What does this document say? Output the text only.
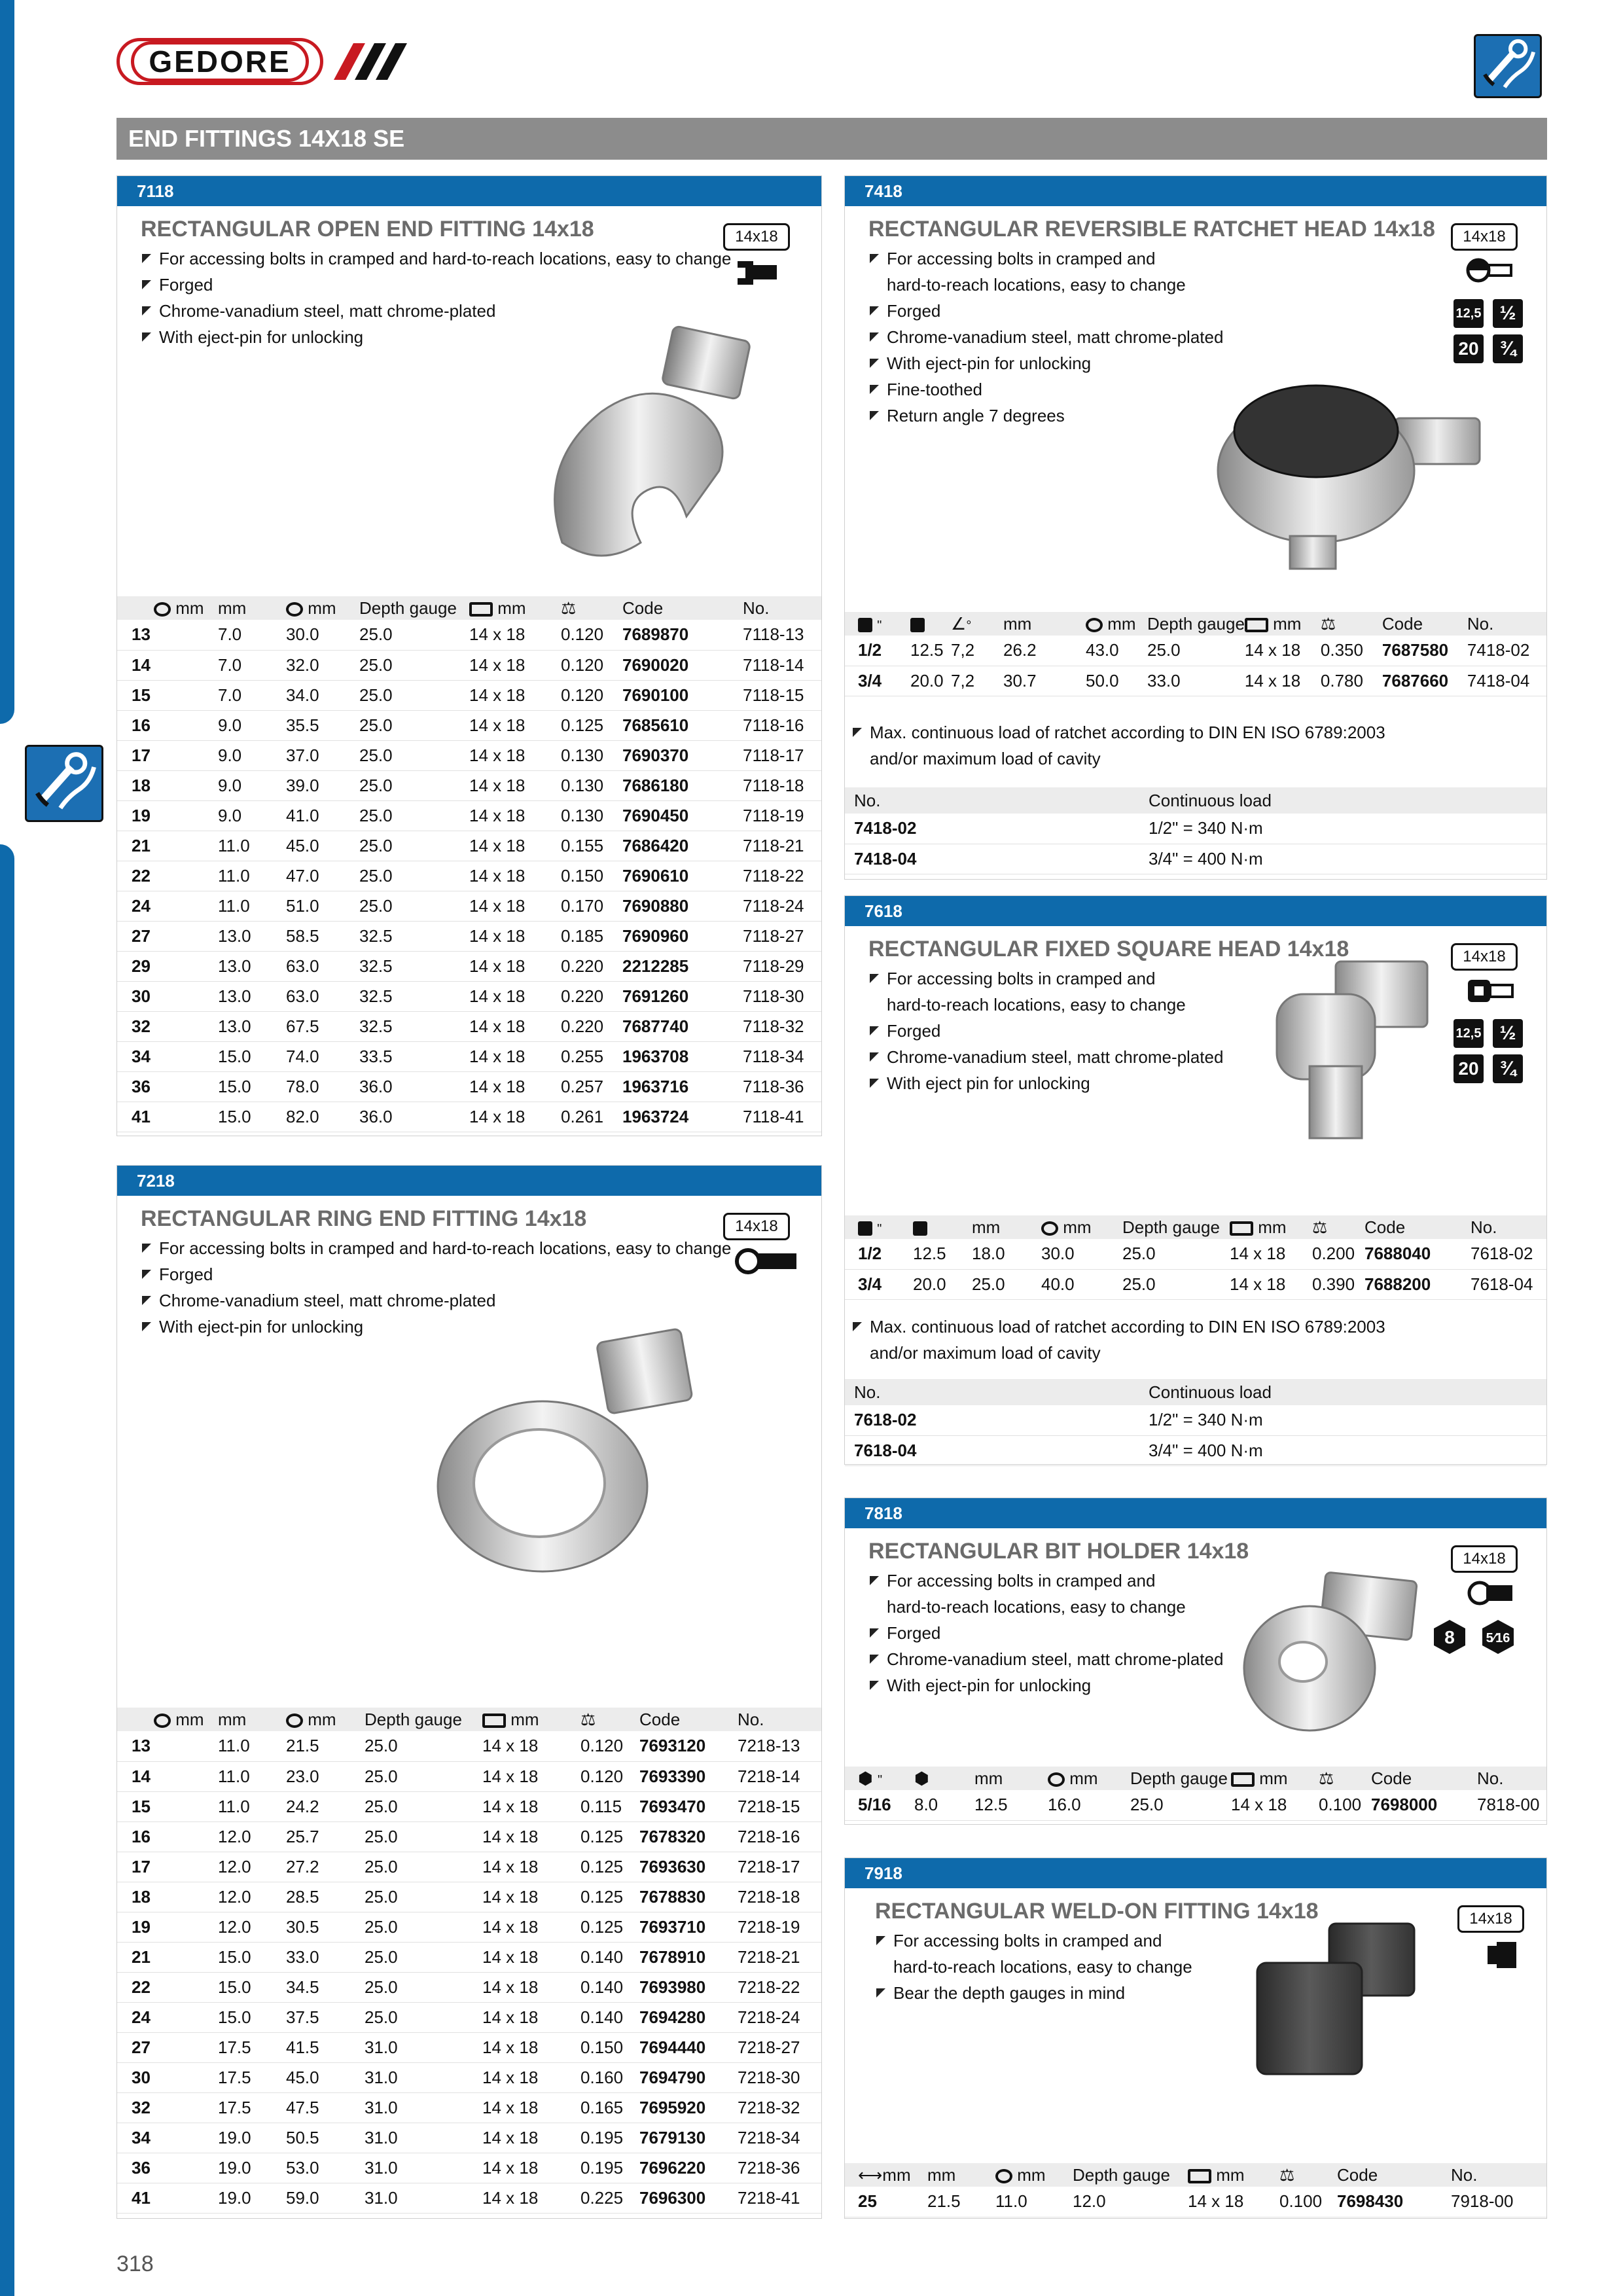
GEDORE
END FITTINGS 14X18 SE
7118
RECTANGULAR OPEN END FITTING 14x18
For accessing bolts in cramped and hard-to-reach locations, easy to change
Forged
Chrome-vanadium steel, matt chrome-plated
With eject-pin for unlocking
14x18
mm	mm	mm	Depth gauge	mm	⚖	Code	No.
13	7.0	30.0	25.0	14 x 18	0.120	7689870	7118-13
14	7.0	32.0	25.0	14 x 18	0.120	7690020	7118-14
15	7.0	34.0	25.0	14 x 18	0.120	7690100	7118-15
16	9.0	35.5	25.0	14 x 18	0.125	7685610	7118-16
17	9.0	37.0	25.0	14 x 18	0.130	7690370	7118-17
18	9.0	39.0	25.0	14 x 18	0.130	7686180	7118-18
19	9.0	41.0	25.0	14 x 18	0.130	7690450	7118-19
21	11.0	45.0	25.0	14 x 18	0.155	7686420	7118-21
22	11.0	47.0	25.0	14 x 18	0.150	7690610	7118-22
24	11.0	51.0	25.0	14 x 18	0.170	7690880	7118-24
27	13.0	58.5	32.5	14 x 18	0.185	7690960	7118-27
29	13.0	63.0	32.5	14 x 18	0.220	2212285	7118-29
30	13.0	63.0	32.5	14 x 18	0.220	7691260	7118-30
32	13.0	67.5	32.5	14 x 18	0.220	7687740	7118-32
34	15.0	74.0	33.5	14 x 18	0.255	1963708	7118-34
36	15.0	78.0	36.0	14 x 18	0.257	1963716	7118-36
41	15.0	82.0	36.0	14 x 18	0.261	1963724	7118-41
7218
RECTANGULAR RING END FITTING 14x18
For accessing bolts in cramped and hard-to-reach locations, easy to change
Forged
Chrome-vanadium steel, matt chrome-plated
With eject-pin for unlocking
14x18
mm	mm	mm	Depth gauge	mm	⚖	Code	No.
13	11.0	21.5	25.0	14 x 18	0.120	7693120	7218-13
14	11.0	23.0	25.0	14 x 18	0.120	7693390	7218-14
15	11.0	24.2	25.0	14 x 18	0.115	7693470	7218-15
16	12.0	25.7	25.0	14 x 18	0.125	7678320	7218-16
17	12.0	27.2	25.0	14 x 18	0.125	7693630	7218-17
18	12.0	28.5	25.0	14 x 18	0.125	7678830	7218-18
19	12.0	30.5	25.0	14 x 18	0.125	7693710	7218-19
21	15.0	33.0	25.0	14 x 18	0.140	7678910	7218-21
22	15.0	34.5	25.0	14 x 18	0.140	7693980	7218-22
24	15.0	37.5	25.0	14 x 18	0.140	7694280	7218-24
27	17.5	41.5	31.0	14 x 18	0.150	7694440	7218-27
30	17.5	45.0	31.0	14 x 18	0.160	7694790	7218-30
32	17.5	47.5	31.0	14 x 18	0.165	7695920	7218-32
34	19.0	50.5	31.0	14 x 18	0.195	7679130	7218-34
36	19.0	53.0	31.0	14 x 18	0.195	7696220	7218-36
41	19.0	59.0	31.0	14 x 18	0.225	7696300	7218-41
7418
RECTANGULAR REVERSIBLE RATCHET HEAD 14x18
For accessing bolts in cramped and
hard-to-reach locations, easy to change
Forged
Chrome-vanadium steel, matt chrome-plated
With eject-pin for unlocking
Fine-toothed
Return angle 7 degrees
14x18
12,5 ½
20	¾
"		∠°	mm	mm	Depth gauge	mm	⚖	Code	No.
1/2	12.5	7,2	26.2	43.0	25.0	14 x 18	0.350	7687580	7418-02
3/4	20.0	7,2	30.7	50.0	33.0	14 x 18	0.780	7687660	7418-04
Max. continuous load of ratchet according to DIN EN ISO 6789:2003
and/or maximum load of cavity
No.	Continuous load
7418-02	1/2" = 340 N·m
7418-04	3/4" = 400 N·m
7618
RECTANGULAR FIXED SQUARE HEAD 14x18
For accessing bolts in cramped and
hard-to-reach locations, easy to change
Forged
Chrome-vanadium steel, matt chrome-plated
With eject pin for unlocking
14x18
12,5 ½
20	¾
"		mm	mm	Depth gauge	mm	⚖	Code	No.
1/2	12.5	18.0	30.0	25.0	14 x 18	0.200	7688040	7618-02
3/4	20.0	25.0	40.0	25.0	14 x 18	0.390	7688200	7618-04
Max. continuous load of ratchet according to DIN EN ISO 6789:2003
and/or maximum load of cavity
No.	Continuous load
7618-02	1/2" = 340 N·m
7618-04	3/4" = 400 N·m
7818
RECTANGULAR BIT HOLDER 14x18
For accessing bolts in cramped and
hard-to-reach locations, easy to change
Forged
Chrome-vanadium steel, matt chrome-plated
With eject-pin for unlocking
14x18
8 5⁄16
⬢ "	⬢	mm	mm	Depth gauge	mm	⚖	Code	No.
5/16	8.0	12.5	16.0	25.0	14 x 18	0.100	7698000	7818-00
7918
RECTANGULAR WELD-ON FITTING 14x18
For accessing bolts in cramped and
hard-to-reach locations, easy to change
Bear the depth gauges in mind
14x18
⟷mm	mm	mm	Depth gauge	mm	⚖	Code	No.
25	21.5	11.0	12.0	14 x 18	0.100	7698430	7918-00
318
